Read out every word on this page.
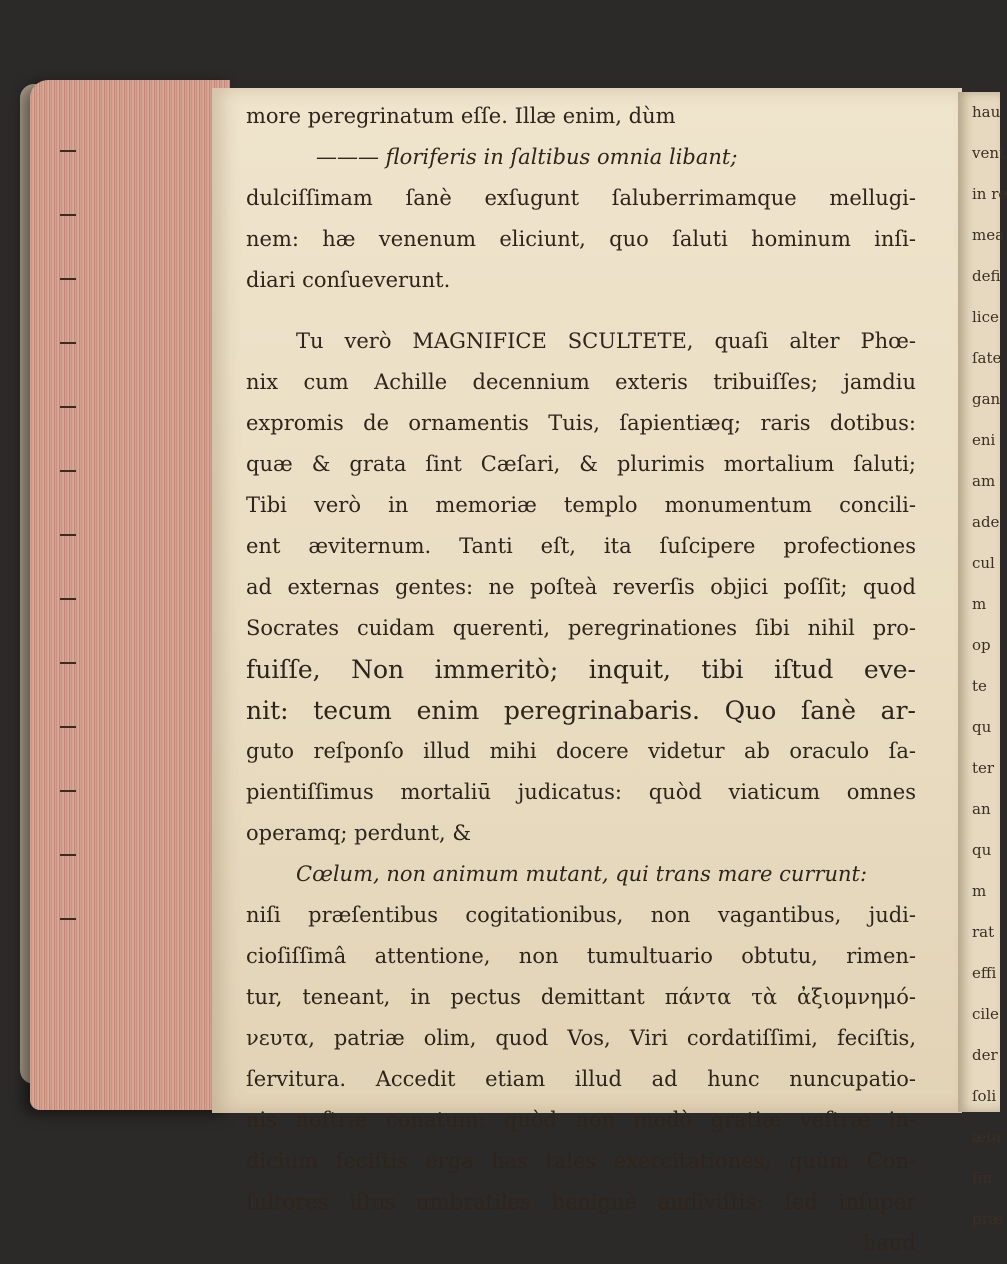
hau
vent
in re
mea
defi
lice
ſate
gan
eni
am
ade
cul
m
op
te
qu
ter
an
qu
m
rat
effi
cile
der
ſoli
æta
ſin
præ
more peregrinatum eſſe. Illæ enim, dùm
——— floriferis in ſaltibus omnia libant;
dulciſſimam ſanè exſugunt ſaluberrimamque mellugi-
nem: hæ venenum eliciunt, quo ſaluti hominum inſi-
diari conſueverunt.
Tu verò MAGNIFICE SCULTETE, quaſi alter Phœ-
nix cum Achille decennium exteris tribuiſſes; jamdiu
expromis de ornamentis Tuis, ſapientiæq; raris dotibus:
quæ & grata ſint Cæſari, & plurimis mortalium ſaluti;
Tibi verò in memoriæ templo monumentum concili-
ent æviternum. Tanti eſt, ita ſuſcipere profectiones
ad externas gentes: ne poſteà reverſis objici poſſit; quod
Socrates cuidam querenti, peregrinationes ſibi nihil pro-
fuiſſe, Non immeritò; inquit, tibi iſtud eve-
nit: tecum enim peregrinabaris. Quo ſanè ar-
guto reſponſo illud mihi docere videtur ab oraculo ſa-
pientiſſimus mortaliū judicatus: quòd viaticum omnes
operamq; perdunt, &
Cœlum, non animum mutant, qui trans mare currunt:
niſi præſentibus cogitationibus, non vagantibus, judi-
cioſiſſimâ attentione, non tumultuario obtutu, rimen-
tur, teneant, in pectus demittant πάντα τὰ ἀξιομνημό-
νευτα, patriæ olim, quod Vos, Viri cordatiſſimi, feciſtis,
ſervitura. Accedit etiam illud ad hunc nuncupatio-
nis noſtræ conatum: quòd non modò gratiæ veſtræ in-
dicium feciſtis erga has tales exercitationes; quùm Con-
ſultores iſtos umbratiles benignè audiviſtis: ſed inſuper
haud
